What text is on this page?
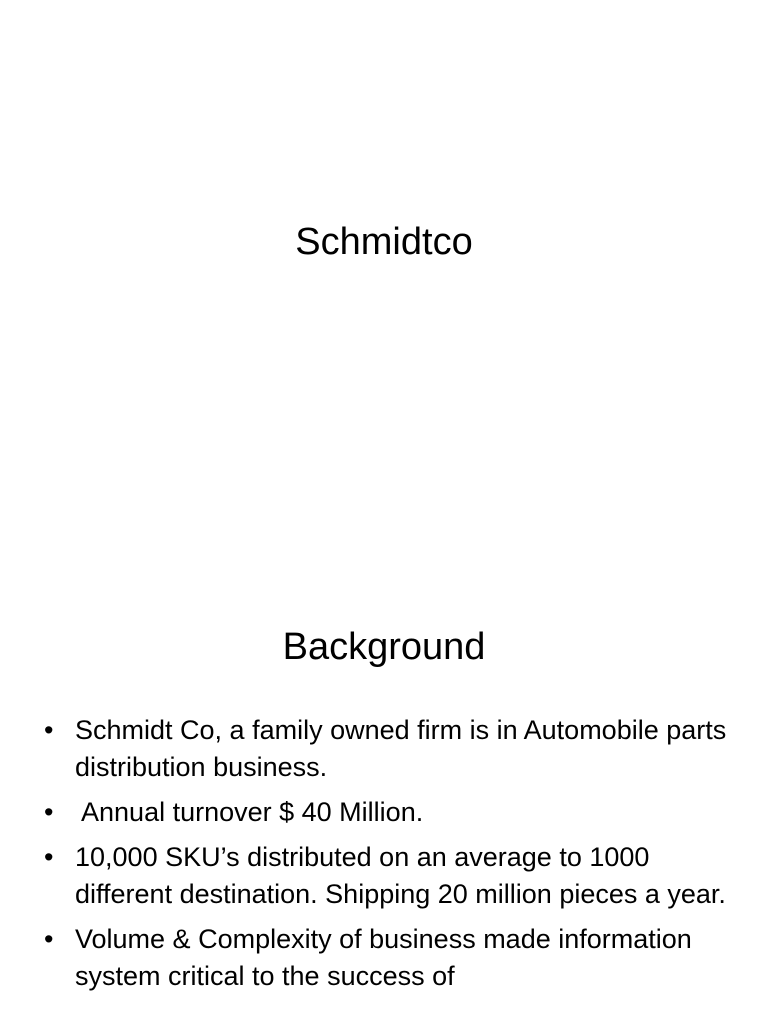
Schmidtco
Background
• Schmidt Co, a family owned firm is in Automobile parts distribution business.
• Annual turnover $ 40 Million.
• 10,000 SKU’s distributed on an average to 1000 different destination. Shipping 20 million pieces a year.
• Volume & Complexity of business made information system critical to the success of
